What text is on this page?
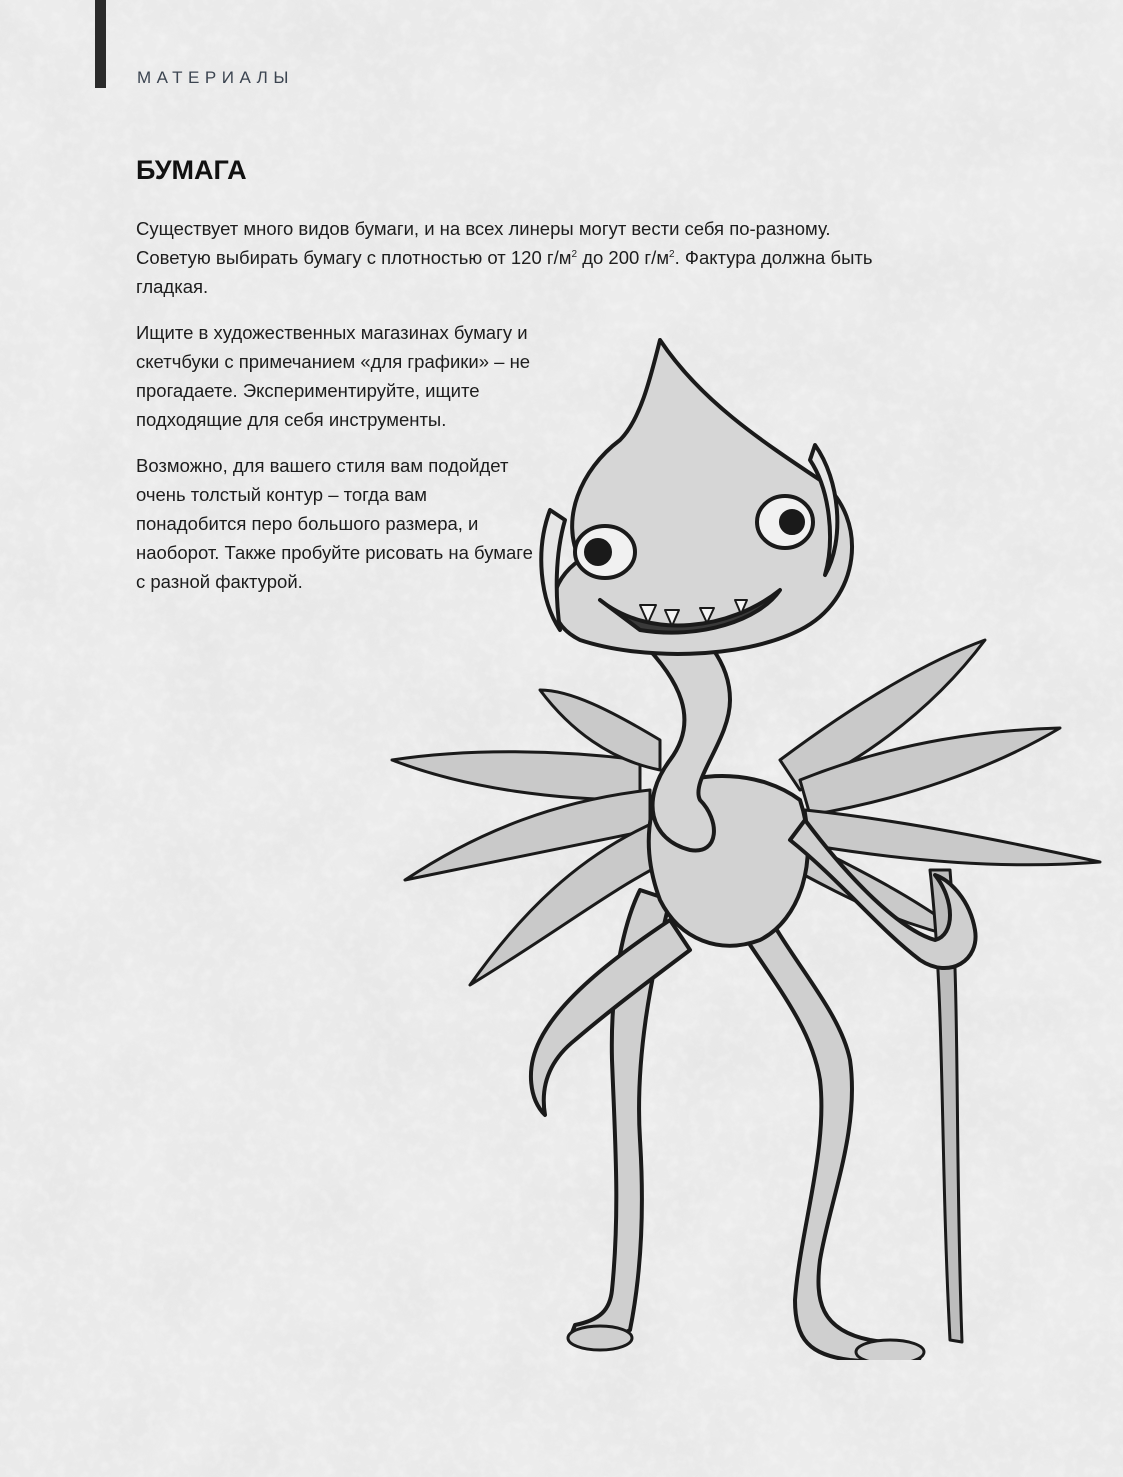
МАТЕРИАЛЫ
БУМАГА

Существует много видов бумаги, и на всех линеры могут вести себя по-разному. Советую выбирать бумагу с плотностью от 120 $г/м^2$ до 200 $г/м^2$. Фактура должна быть гладкая.

Ищите в художественных магазинах бумагу и скетчбуки с примечанием «для графики» – не прогадаете. Экспериментируйте, ищите подходящие для себя инструменты.

Возможно, для вашего стиля вам подойдет очень толстый контур – тогда вам понадобится перо большого размера, и наоборот. Также пробуйте рисовать на бумаге с разной фактурой.
